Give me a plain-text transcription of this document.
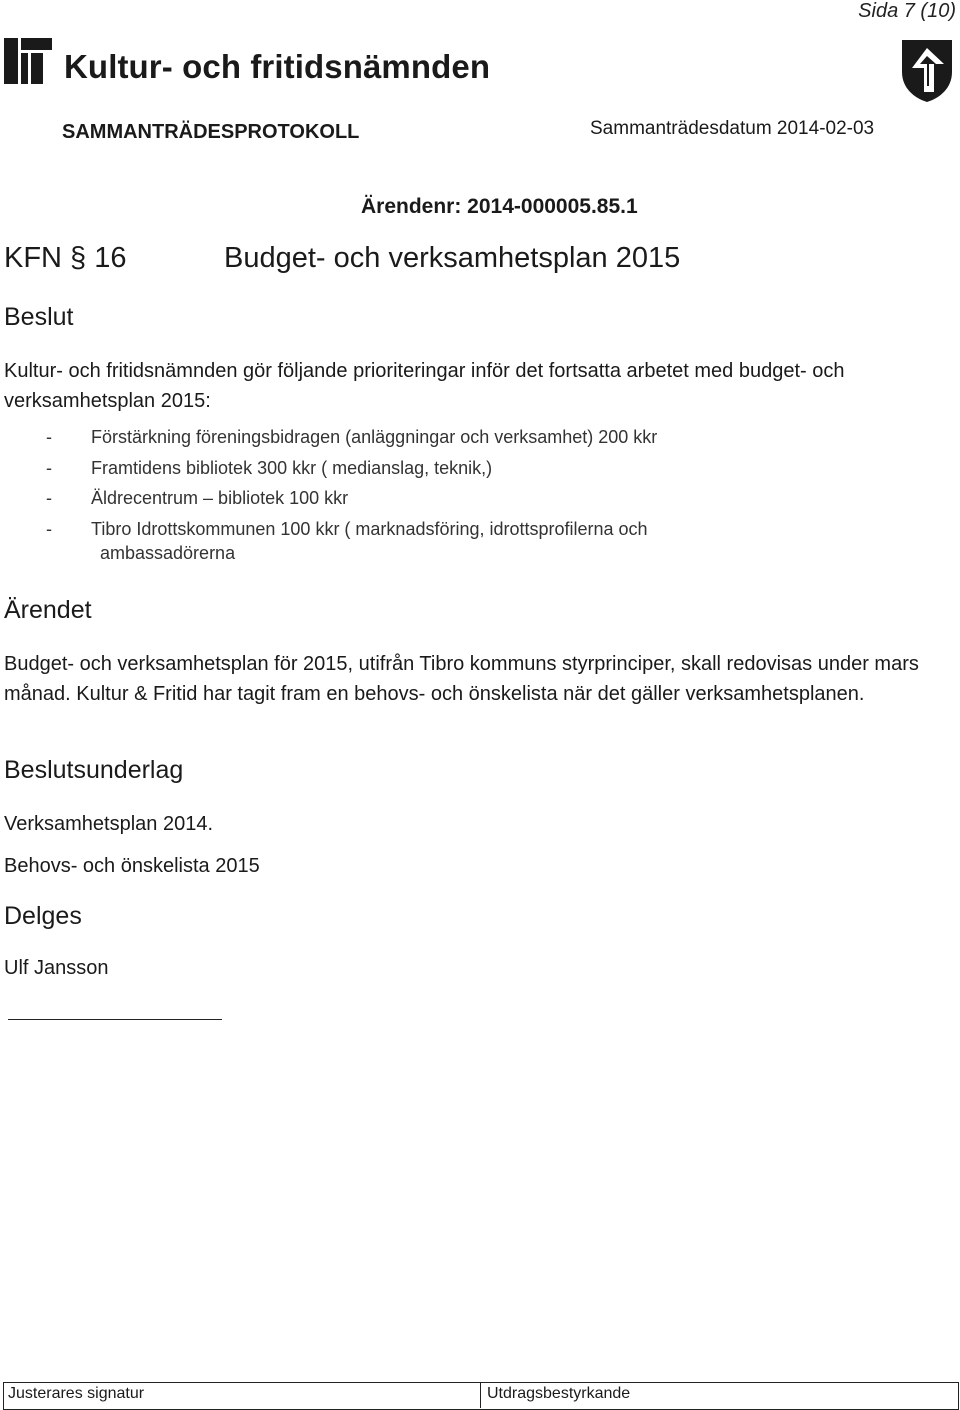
Sida 7 (10)
Kultur- och fritidsnämnden
SAMMANTRÄDESPROTOKOLL	Sammanträdesdatum 2014-02-03
Ärendenr: 2014-000005.85.1
KFN § 16	Budget- och verksamhetsplan 2015
Beslut
Kultur- och fritidsnämnden gör följande prioriteringar inför det fortsatta arbetet med budget- och verksamhetsplan 2015:
- Förstärkning föreningsbidragen (anläggningar och verksamhet) 200 kkr
- Framtidens bibliotek 300 kkr ( medianslag, teknik,)
- Äldrecentrum – bibliotek 100 kkr
- Tibro Idrottskommunen 100 kkr ( marknadsföring, idrottsprofilerna och
ambassadörerna
Ärendet
Budget- och verksamhetsplan för 2015, utifrån Tibro kommuns styrprinciper, skall redovisas under mars månad. Kultur & Fritid har tagit fram en behovs- och önskelista när det gäller verksamhetsplanen.
Beslutsunderlag
Verksamhetsplan 2014.
Behovs- och önskelista 2015
Delges
Ulf Jansson
Justerares signatur	Utdragsbestyrkande
